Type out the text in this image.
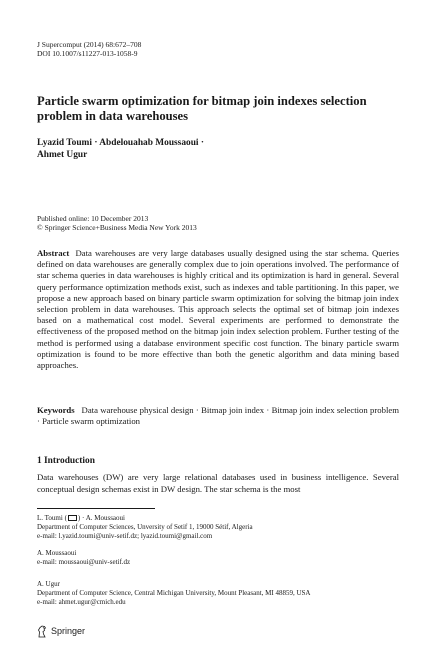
J Supercomput (2014) 68:672–708
DOI 10.1007/s11227-013-1058-9
Particle swarm optimization for bitmap join indexes selection problem in data warehouses
Lyazid Toumi · Abdelouahab Moussaoui ·
Ahmet Ugur
Published online: 10 December 2013
© Springer Science+Business Media New York 2013
Abstract Data warehouses are very large databases usually designed using the star schema. Queries defined on data warehouses are generally complex due to join operations involved. The performance of star schema queries in data warehouses is highly critical and its optimization is hard in general. Several query performance optimization methods exist, such as indexes and table partitioning. In this paper, we propose a new approach based on binary particle swarm optimization for solving the bitmap join index selection problem in data warehouses. This approach selects the optimal set of bitmap join indexes based on a mathematical cost model. Several experiments are performed to demonstrate the effectiveness of the proposed method on the bitmap join index selection problem. Further testing of the method is performed using a database environment specific cost function. The binary particle swarm optimization is found to be more effective than both the genetic algorithm and data mining based approaches.
Keywords Data warehouse physical design · Bitmap join index · Bitmap join index selection problem · Particle swarm optimization
1 Introduction
Data warehouses (DW) are very large relational databases used in business intelligence. Several conceptual design schemas exist in DW design. The star schema is the most
L. Toumi ( ) · A. Moussaoui
Department of Computer Sciences, Unversity of Setif 1, 19000 Sétif, Algeria
e-mail: l.yazid.toumi@univ-setif.dz; lyazid.toumi@gmail.com
A. Moussaoui
e-mail: moussaoui@univ-setif.dz
A. Ugur
Department of Computer Science, Central Michigan University, Mount Pleasant, MI 48859, USA
e-mail: ahmet.ugur@cmich.edu
Springer
